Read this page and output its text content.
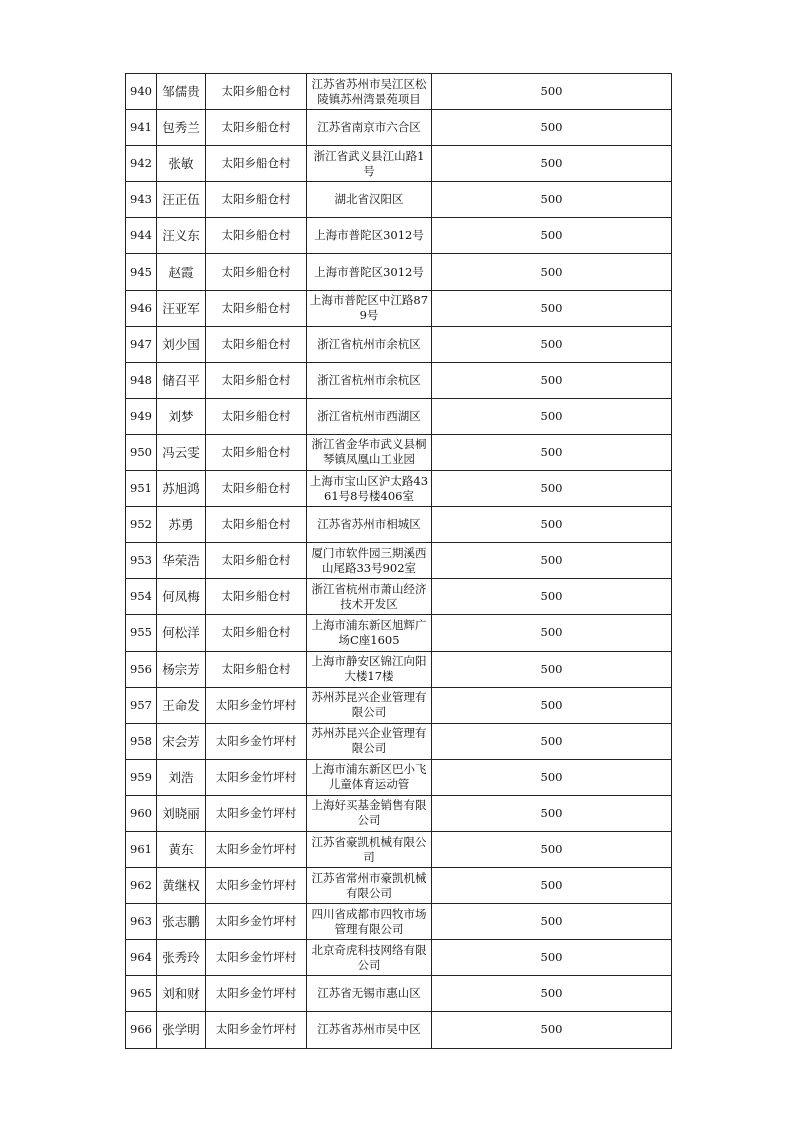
940	邹儒贵	太阳乡船仓村	江苏省苏州市吴江区松陵镇苏州湾景苑项目	500
941	包秀兰	太阳乡船仓村	江苏省南京市六合区	500
942	张敏	太阳乡船仓村	浙江省武义县江山路1号	500
943	汪正伍	太阳乡船仓村	湖北省汉阳区	500
944	汪义东	太阳乡船仓村	上海市普陀区3012号	500
945	赵霞	太阳乡船仓村	上海市普陀区3012号	500
946	汪亚军	太阳乡船仓村	上海市普陀区中江路879号	500
947	刘少国	太阳乡船仓村	浙江省杭州市余杭区	500
948	储召平	太阳乡船仓村	浙江省杭州市余杭区	500
949	刘梦	太阳乡船仓村	浙江省杭州市西湖区	500
950	冯云雯	太阳乡船仓村	浙江省金华市武义县桐琴镇凤凰山工业园	500
951	苏旭鸿	太阳乡船仓村	上海市宝山区沪太路4361号8号楼406室	500
952	苏勇	太阳乡船仓村	江苏省苏州市相城区	500
953	华荣浩	太阳乡船仓村	厦门市软件园三期溪西山尾路33号902室	500
954	何凤梅	太阳乡船仓村	浙江省杭州市萧山经济技术开发区	500
955	何松洋	太阳乡船仓村	上海市浦东新区旭辉广场C座1605	500
956	杨宗芳	太阳乡船仓村	上海市静安区锦江向阳大楼17楼	500
957	王命发	太阳乡金竹坪村	苏州苏昆兴企业管理有限公司	500
958	宋会芳	太阳乡金竹坪村	苏州苏昆兴企业管理有限公司	500
959	刘浩	太阳乡金竹坪村	上海市浦东新区巴小飞儿童体育运动管	500
960	刘晓丽	太阳乡金竹坪村	上海好买基金销售有限公司	500
961	黄东	太阳乡金竹坪村	江苏省豪凯机械有限公司	500
962	黄继权	太阳乡金竹坪村	江苏省常州市豪凯机械有限公司	500
963	张志鹏	太阳乡金竹坪村	四川省成都市四牧市场管理有限公司	500
964	张秀玲	太阳乡金竹坪村	北京奇虎科技网络有限公司	500
965	刘和财	太阳乡金竹坪村	江苏省无锡市惠山区	500
966	张学明	太阳乡金竹坪村	江苏省苏州市吴中区	500
